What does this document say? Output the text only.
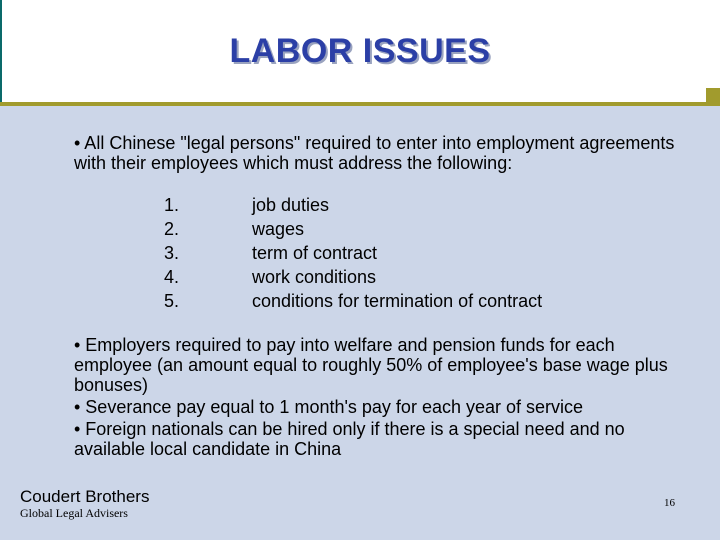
LABOR ISSUES

• All Chinese "legal persons" required to enter into employment agreements with their employees which must address the following:

1.	job duties
2.	wages
3.	term of contract
4.	work conditions
5.	conditions for termination of contract

• Employers required to pay into welfare and pension funds for each employee (an amount equal to roughly 50% of employee's base wage plus bonuses)

• Severance pay equal to 1 month's pay for each year of service

• Foreign nationals can be hired only if there is a special need and no available local candidate in China

Coudert Brothers
Global Legal Advisers
16
